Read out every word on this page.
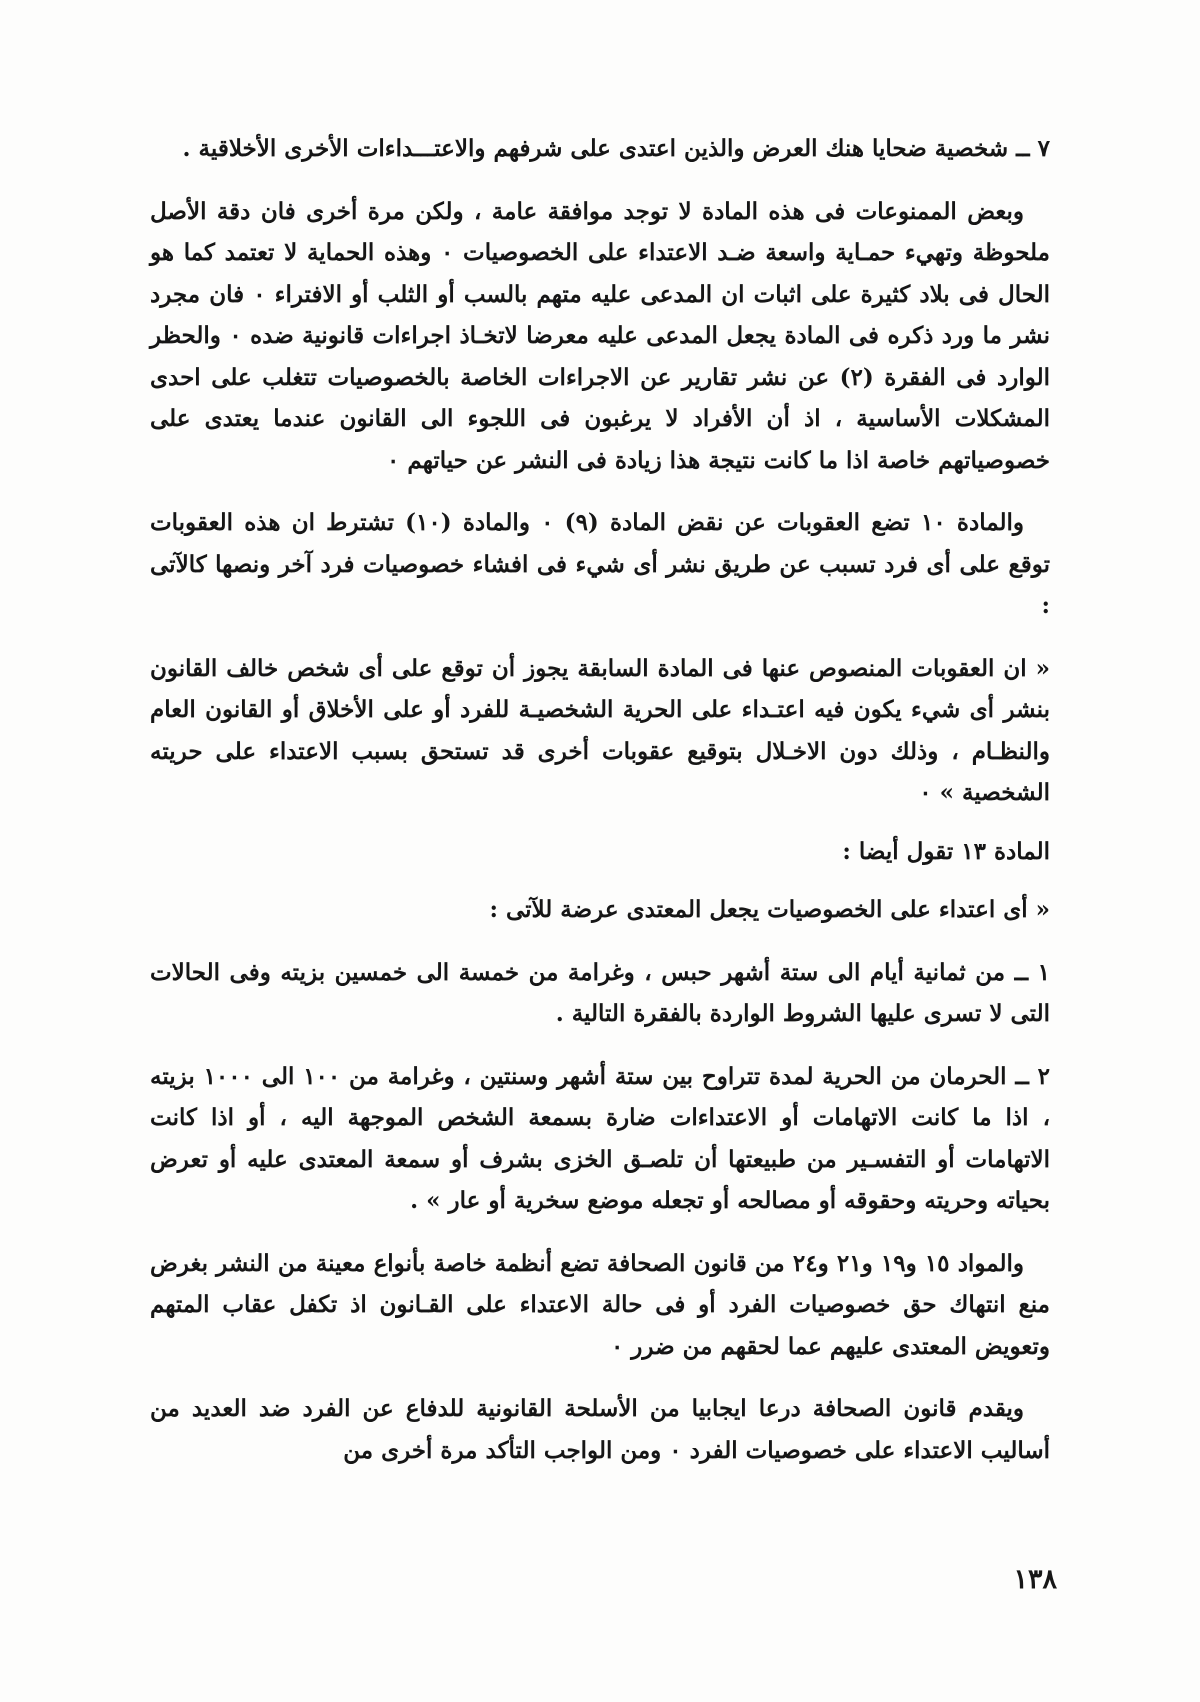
٧ ــ شخصية ضحايا هنك العرض والذين اعتدى على شرفهم والاعتـــداءات الأخرى الأخلاقية .

وبعض الممنوعات فى هذه المادة لا توجد موافقة عامة ، ولكن مرة أخرى فان دقة الأصل ملحوظة وتهيء حمـاية واسعة ضـد الاعتداء على الخصوصيات ٠ وهذه الحماية لا تعتمد كما هو الحال فى بلاد كثيرة على اثبات ان المدعى عليه متهم بالسب أو الثلب أو الافتراء ٠ فان مجرد نشر ما ورد ذكره فى المادة يجعل المدعى عليه معرضا لاتخـاذ اجراءات قانونية ضده ٠ والحظر الوارد فى الفقرة (٢) عن نشر تقارير عن الاجراءات الخاصة بالخصوصيات تتغلب على احدى المشكلات الأساسية ، اذ أن الأفراد لا يرغبون فى اللجوء الى القانون عندما يعتدى على خصوصياتهم خاصة اذا ما كانت نتيجة هذا زيادة فى النشر عن حياتهم ٠

والمادة ١٠ تضع العقوبات عن نقض المادة (٩) ٠ والمادة (١٠) تشترط ان هذه العقوبات توقع على أى فرد تسبب عن طريق نشر أى شيء فى افشاء خصوصيات فرد آخر ونصها كالآتى :

« ان العقوبات المنصوص عنها فى المادة السابقة يجوز أن توقع على أى شخص خالف القانون بنشر أى شيء يكون فيه اعتـداء على الحرية الشخصيـة للفرد أو على الأخلاق أو القانون العام والنظـام ، وذلك دون الاخـلال بتوقيع عقوبات أخرى قد تستحق بسبب الاعتداء على حريته الشخصية » ٠

المادة ١٣ تقول أيضا :

« أى اعتداء على الخصوصيات يجعل المعتدى عرضة للآتى :

١ ــ من ثمانية أيام الى ستة أشهر حبس ، وغرامة من خمسة الى خمسين بزيته وفى الحالات التى لا تسرى عليها الشروط الواردة بالفقرة التالية .

٢ ــ الحرمان من الحرية لمدة تتراوح بين ستة أشهر وسنتين ، وغرامة من ١٠٠ الى ١٠٠٠ بزيته ، اذا ما كانت الاتهامات أو الاعتداءات ضارة بسمعة الشخص الموجهة اليه ، أو اذا كانت الاتهامات أو التفسـير من طبيعتها أن تلصـق الخزى بشرف أو سمعة المعتدى عليه أو تعرض بحياته وحريته وحقوقه أو مصالحه أو تجعله موضع سخرية أو عار » .

والمواد ١٥ و١٩ و٢١ و٢٤ من قانون الصحافة تضع أنظمة خاصة بأنواع معينة من النشر بغرض منع انتهاك حق خصوصيات الفرد أو فى حالة الاعتداء على القـانون اذ تكفل عقاب المتهم وتعويض المعتدى عليهم عما لحقهم من ضرر ٠

ويقدم قانون الصحافة درعا ايجابيا من الأسلحة القانونية للدفاع عن الفرد ضد العديد من أساليب الاعتداء على خصوصيات الفرد ٠ ومن الواجب التأكد مرة أخرى من

١٣٨
